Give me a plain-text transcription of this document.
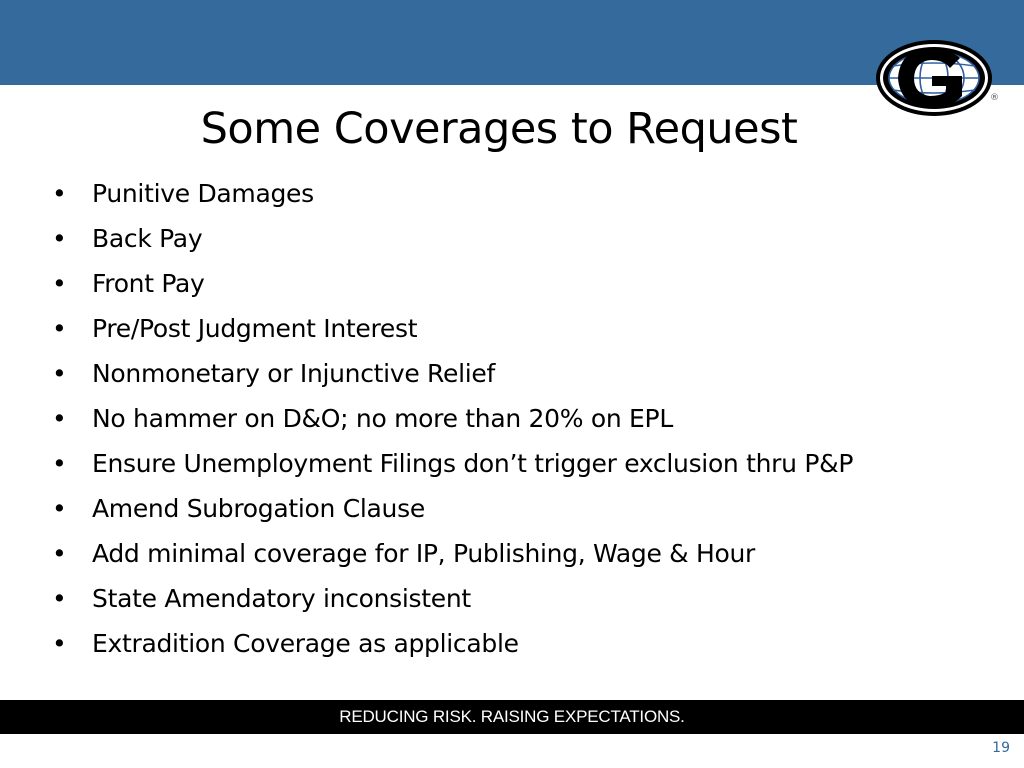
®
Some Coverages to Request
• Punitive Damages
• Back Pay
• Front Pay
• Pre/Post Judgment Interest
• Nonmonetary or Injunctive Relief
• No hammer on D&O; no more than 20% on EPL
• Ensure Unemployment Filings don’t trigger exclusion thru P&P
• Amend Subrogation Clause
• Add minimal coverage for IP, Publishing, Wage & Hour
• State Amendatory inconsistent
• Extradition Coverage as applicable
REDUCING RISK. RAISING EXPECTATIONS.
19
